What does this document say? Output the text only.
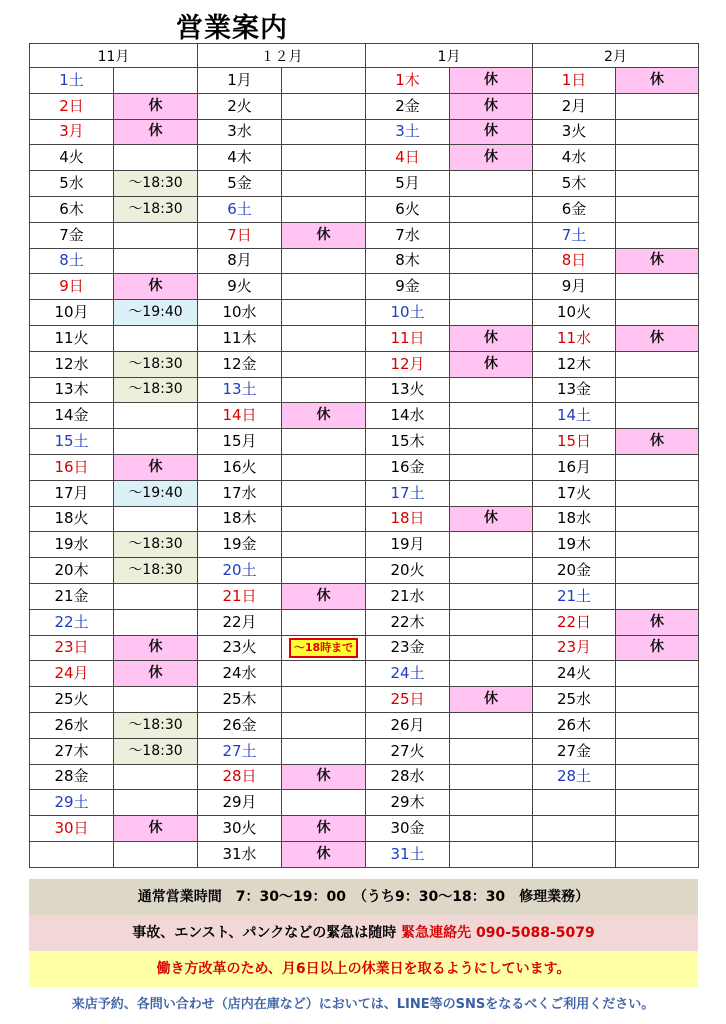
営業案内
11月		１２月		1月		2月	
1土		1月		1木	休	1日	休
2日	休	2火		2金	休	2月	
3月	休	3水		3土	休	3火	
4火		4木		4日	休	4水	
5水	～18:30	5金		5月		5木	
6木	～18:30	6土		6火		6金	
7金		7日	休	7水		7土	
8土		8月		8木		8日	休
9日	休	9火		9金		9月	
10月	～19:40	10水		10土		10火	
11火		11木		11日	休	11水	休
12水	～18:30	12金		12月	休	12木	
13木	～18:30	13土		13火		13金	
14金		14日	休	14水		14土	
15土		15月		15木		15日	休
16日	休	16火		16金		16月	
17月	～19:40	17水		17土		17火	
18火		18木		18日	休	18水	
19水	～18:30	19金		19月		19木	
20木	～18:30	20土		20火		20金	
21金		21日	休	21水		21土	
22土		22月		22木		22日	休
23日	休	23火	～18時まで	23金		23月	休
24月	休	24水		24土		24火	
25火		25木		25日	休	25水	
26水	～18:30	26金		26月		26木	
27木	～18:30	27土		27火		27金	
28金		28日	休	28水		28土	
29土		29月		29木			
30日	休	30火	休	30金			
		31水	休	31土			
通常営業時間　7：30～19：00　（うち9：30～18：30　修理業務）
事故、エンスト、パンクなどの緊急は随時 緊急連絡先 090-5088-5079
働き方改革のため、月6日以上の休業日を取るようにしています。
来店予約、各問い合わせ（店内在庫など）においては、LINE等のSNSをなるべくご利用ください。
